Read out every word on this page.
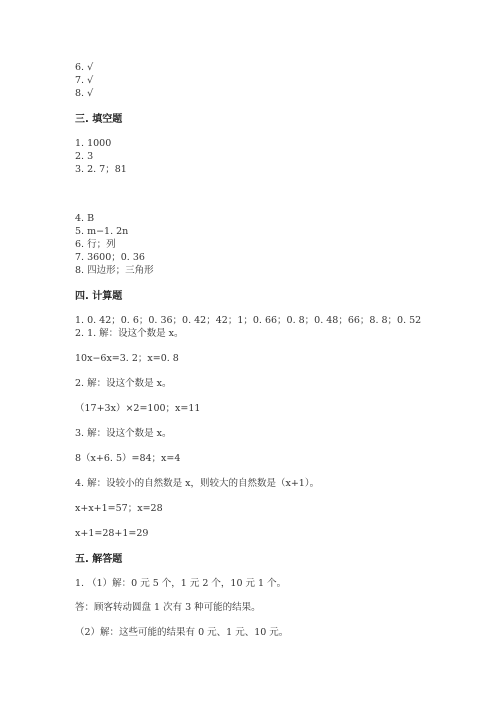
6. √
7. √
8. √
三. 填空题
1. 1000
2. 3
3. 2. 7；81
4. B
5. m−1. 2n
6. 行；列
7. 3600；0. 36
8. 四边形；三角形
四. 计算题
1. 0. 42；0. 6；0. 36；0. 42；42；1；0. 66；0. 8；0. 48；66；8. 8；0. 52
2. 1. 解：设这个数是 x。
10x−6x=3. 2；x=0. 8
2. 解：设这个数是 x。
（17+3x）×2=100；x=11
3. 解：设这个数是 x。
8（x+6. 5）=84；x=4
4. 解：设较小的自然数是 x，则较大的自然数是（x+1）。
x+x+1=57；x=28
x+1=28+1=29
五. 解答题
1. （1）解：0 元 5 个，1 元 2 个，10 元 1 个。
答：顾客转动圆盘 1 次有 3 种可能的结果。
（2）解：这些可能的结果有 0 元、1 元、10 元。
